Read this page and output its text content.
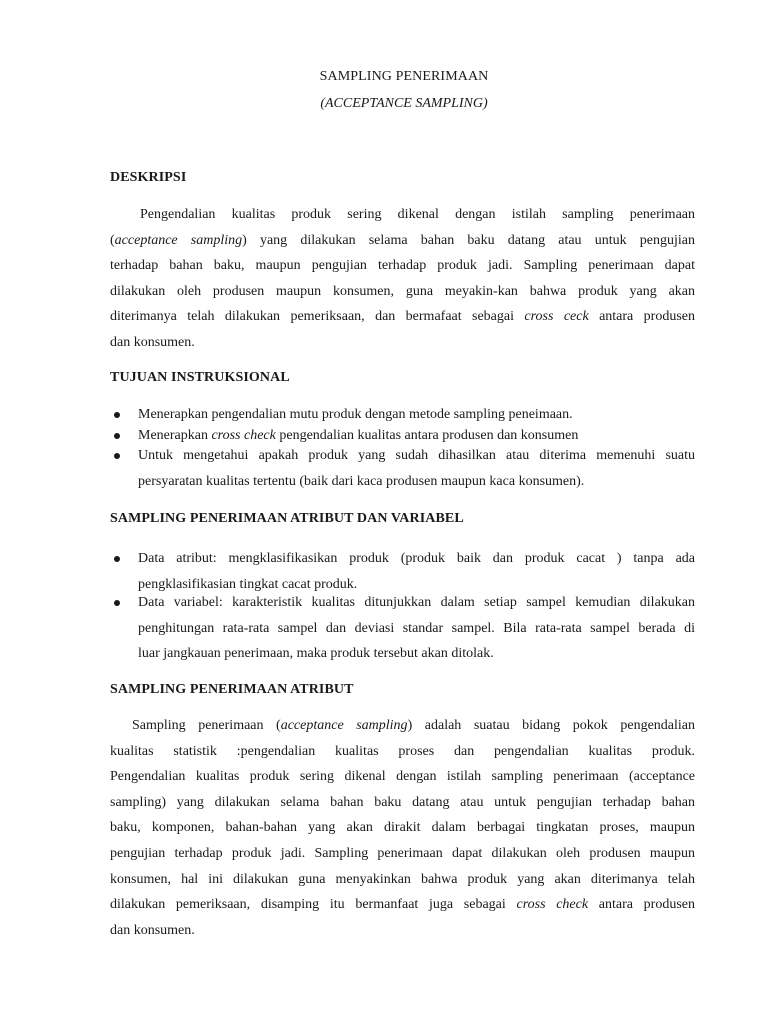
SAMPLING PENERIMAAN
(ACCEPTANCE SAMPLING)
DESKRIPSI
Pengendalian kualitas produk sering dikenal dengan istilah sampling penerimaan
(acceptance sampling) yang dilakukan selama bahan baku datang atau untuk pengujian
terhadap bahan baku, maupun pengujian terhadap produk jadi. Sampling penerimaan dapat
dilakukan oleh produsen maupun konsumen, guna meyakin-kan bahwa produk yang akan
diterimanya telah dilakukan pemeriksaan, dan bermafaat sebagai cross ceck antara produsen
dan konsumen.
TUJUAN INSTRUKSIONAL
Menerapkan pengendalian mutu produk dengan metode sampling peneimaan.
Menerapkan cross check pengendalian kualitas antara produsen dan konsumen
Untuk mengetahui apakah produk yang sudah dihasilkan atau diterima memenuhi suatu
persyaratan kualitas tertentu (baik dari kaca produsen maupun kaca konsumen).
SAMPLING PENERIMAAN ATRIBUT DAN VARIABEL
Data atribut: mengklasifikasikan produk (produk baik dan produk cacat ) tanpa ada
pengklasifikasian tingkat cacat produk.
Data variabel: karakteristik kualitas ditunjukkan dalam setiap sampel kemudian dilakukan
penghitungan rata-rata sampel dan deviasi standar sampel. Bila rata-rata sampel berada di
luar jangkauan penerimaan, maka produk tersebut akan ditolak.
SAMPLING PENERIMAAN ATRIBUT
Sampling penerimaan (acceptance sampling) adalah suatau bidang pokok pengendalian
kualitas statistik :pengendalian kualitas proses dan pengendalian kualitas produk.
Pengendalian kualitas produk sering dikenal dengan istilah sampling penerimaan (acceptance
sampling) yang dilakukan selama bahan baku datang atau untuk pengujian terhadap bahan
baku, komponen, bahan-bahan yang akan dirakit dalam berbagai tingkatan proses, maupun
pengujian terhadap produk jadi. Sampling penerimaan dapat dilakukan oleh produsen maupun
konsumen, hal ini dilakukan guna menyakinkan bahwa produk yang akan diterimanya telah
dilakukan pemeriksaan, disamping itu bermanfaat juga sebagai cross check antara produsen
dan konsumen.
